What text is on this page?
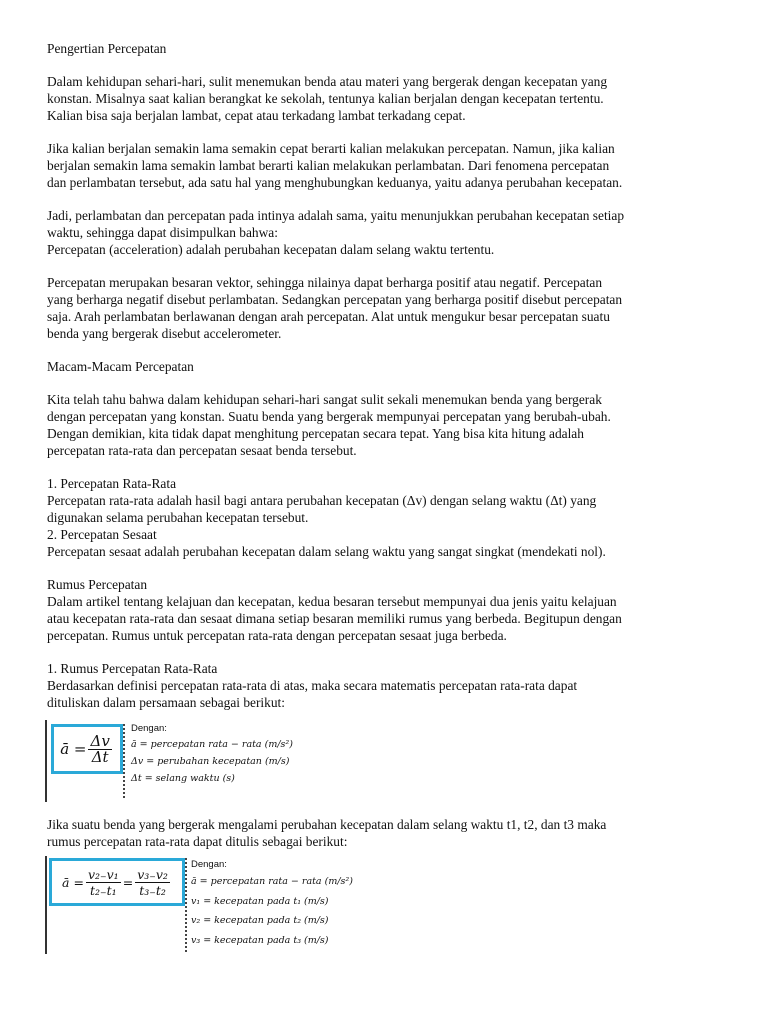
Pengertian Percepatan
Dalam kehidupan sehari-hari, sulit menemukan benda atau materi yang bergerak dengan kecepatan yang
konstan. Misalnya saat kalian berangkat ke sekolah, tentunya kalian berjalan dengan kecepatan tertentu.
Kalian bisa saja berjalan lambat, cepat atau terkadang lambat terkadang cepat.
Jika kalian berjalan semakin lama semakin cepat berarti kalian melakukan percepatan. Namun, jika kalian
berjalan semakin lama semakin lambat berarti kalian melakukan perlambatan. Dari fenomena percepatan
dan perlambatan tersebut, ada satu hal yang menghubungkan keduanya, yaitu adanya perubahan kecepatan.
Jadi, perlambatan dan percepatan pada intinya adalah sama, yaitu menunjukkan perubahan kecepatan setiap
waktu, sehingga dapat disimpulkan bahwa:
Percepatan (acceleration) adalah perubahan kecepatan dalam selang waktu tertentu.
Percepatan merupakan besaran vektor, sehingga nilainya dapat berharga positif atau negatif. Percepatan
yang berharga negatif disebut perlambatan. Sedangkan percepatan yang berharga positif disebut percepatan
saja. Arah perlambatan berlawanan dengan arah percepatan. Alat untuk mengukur besar percepatan suatu
benda yang bergerak disebut accelerometer.
Macam-Macam Percepatan
Kita telah tahu bahwa dalam kehidupan sehari-hari sangat sulit sekali menemukan benda yang bergerak
dengan percepatan yang konstan. Suatu benda yang bergerak mempunyai percepatan yang berubah-ubah.
Dengan demikian, kita tidak dapat menghitung percepatan secara tepat. Yang bisa kita hitung adalah
percepatan rata-rata dan percepatan sesaat benda tersebut.
1. Percepatan Rata-Rata
Percepatan rata-rata adalah hasil bagi antara perubahan kecepatan (Δv) dengan selang waktu (Δt) yang
digunakan selama perubahan kecepatan tersebut.
2. Percepatan Sesaat
Percepatan sesaat adalah perubahan kecepatan dalam selang waktu yang sangat singkat (mendekati nol).
Rumus Percepatan
Dalam artikel tentang kelajuan dan kecepatan, kedua besaran tersebut mempunyai dua jenis yaitu kelajuan
atau kecepatan rata-rata dan sesaat dimana setiap besaran memiliki rumus yang berbeda. Begitupun dengan
percepatan. Rumus untuk percepatan rata-rata dengan percepatan sesaat juga berbeda.
1. Rumus Percepatan Rata-Rata
Berdasarkan definisi percepatan rata-rata di atas, maka secara matematis percepatan rata-rata dapat
dituliskan dalam persamaan sebagai berikut:
ā = $\frac{\Delta v}{\Delta t}$
Dengan:
ā = percepatan rata − rata (m/s²)
Δv = perubahan kecepatan (m/s)
Δt = selang waktu (s)
Jika suatu benda yang bergerak mengalami perubahan kecepatan dalam selang waktu t1, t2, dan t3 maka
rumus percepatan rata-rata dapat ditulis sebagai berikut:
ā = $\frac{\text{v₂₋v₁}}{\text{t₂₋t₁}} = \frac{\text{v₃₋v₂}}{\text{t₃₋t₂}}$
Dengan:
ā = percepatan rata − rata (m/s²)
v₁ = kecepatan pada t₁ (m/s)
v₂ = kecepatan pada t₂ (m/s)
v₃ = kecepatan pada t₃ (m/s)
